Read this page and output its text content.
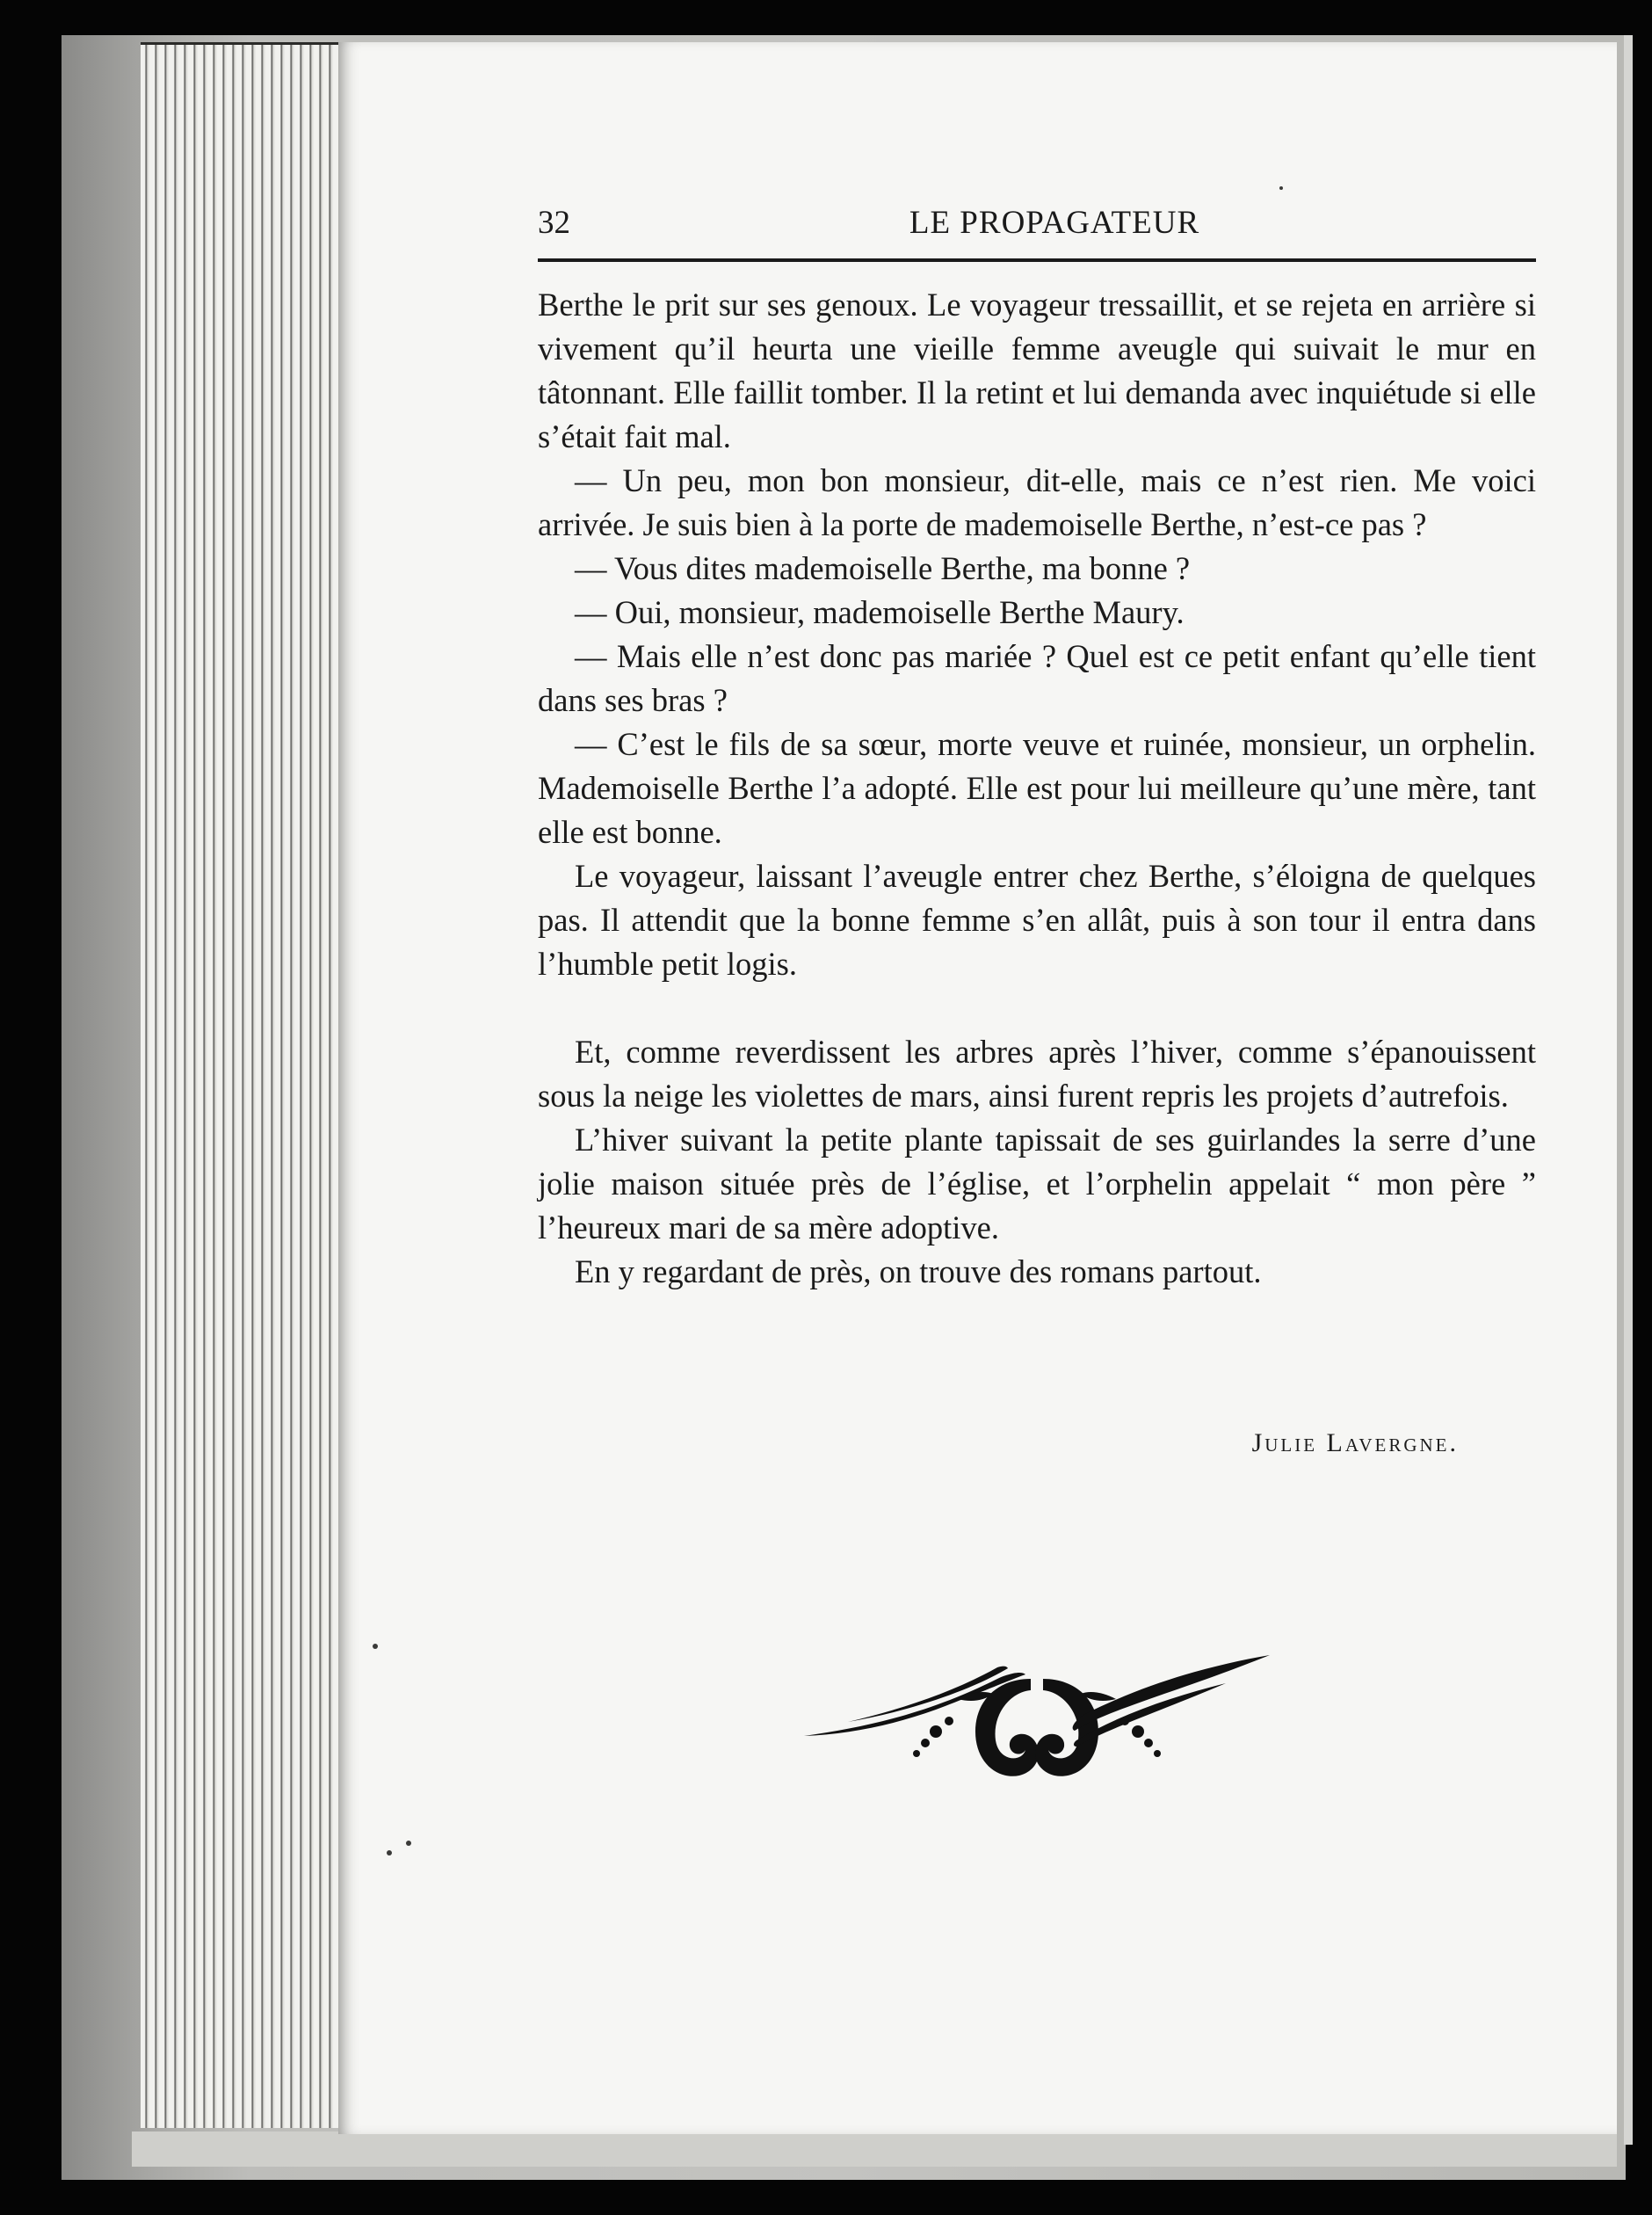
32	LE PROPAGATEUR

Berthe le prit sur ses genoux. Le voyageur tressaillit, et se rejeta en arrière si vivement qu’il heurta une vieille femme aveugle qui suivait le mur en tâtonnant. Elle faillit tomber. Il la retint et lui demanda avec inquiétude si elle s’était fait mal.

— Un peu, mon bon monsieur, dit-elle, mais ce n’est rien. Me voici arrivée. Je suis bien à la porte de mademoiselle Berthe, n’est-ce pas ?

— Vous dites mademoiselle Berthe, ma bonne ?

— Oui, monsieur, mademoiselle Berthe Maury.

— Mais elle n’est donc pas mariée ? Quel est ce petit enfant qu’elle tient dans ses bras ?

— C’est le fils de sa sœur, morte veuve et ruinée, monsieur, un orphelin. Mademoiselle Berthe l’a adopté. Elle est pour lui meilleure qu’une mère, tant elle est bonne.

Le voyageur, laissant l’aveugle entrer chez Berthe, s’éloigna de quelques pas. Il attendit que la bonne femme s’en allât, puis à son tour il entra dans l’humble petit logis.

Et, comme reverdissent les arbres après l’hiver, comme s’épanouissent sous la neige les violettes de mars, ainsi furent repris les projets d’autrefois.

L’hiver suivant la petite plante tapissait de ses guirlandes la serre d’une jolie maison située près de l’église, et l’orphelin appelait “ mon père ” l’heureux mari de sa mère adoptive.

En y regardant de près, on trouve des romans partout.

Julie Lavergne.
